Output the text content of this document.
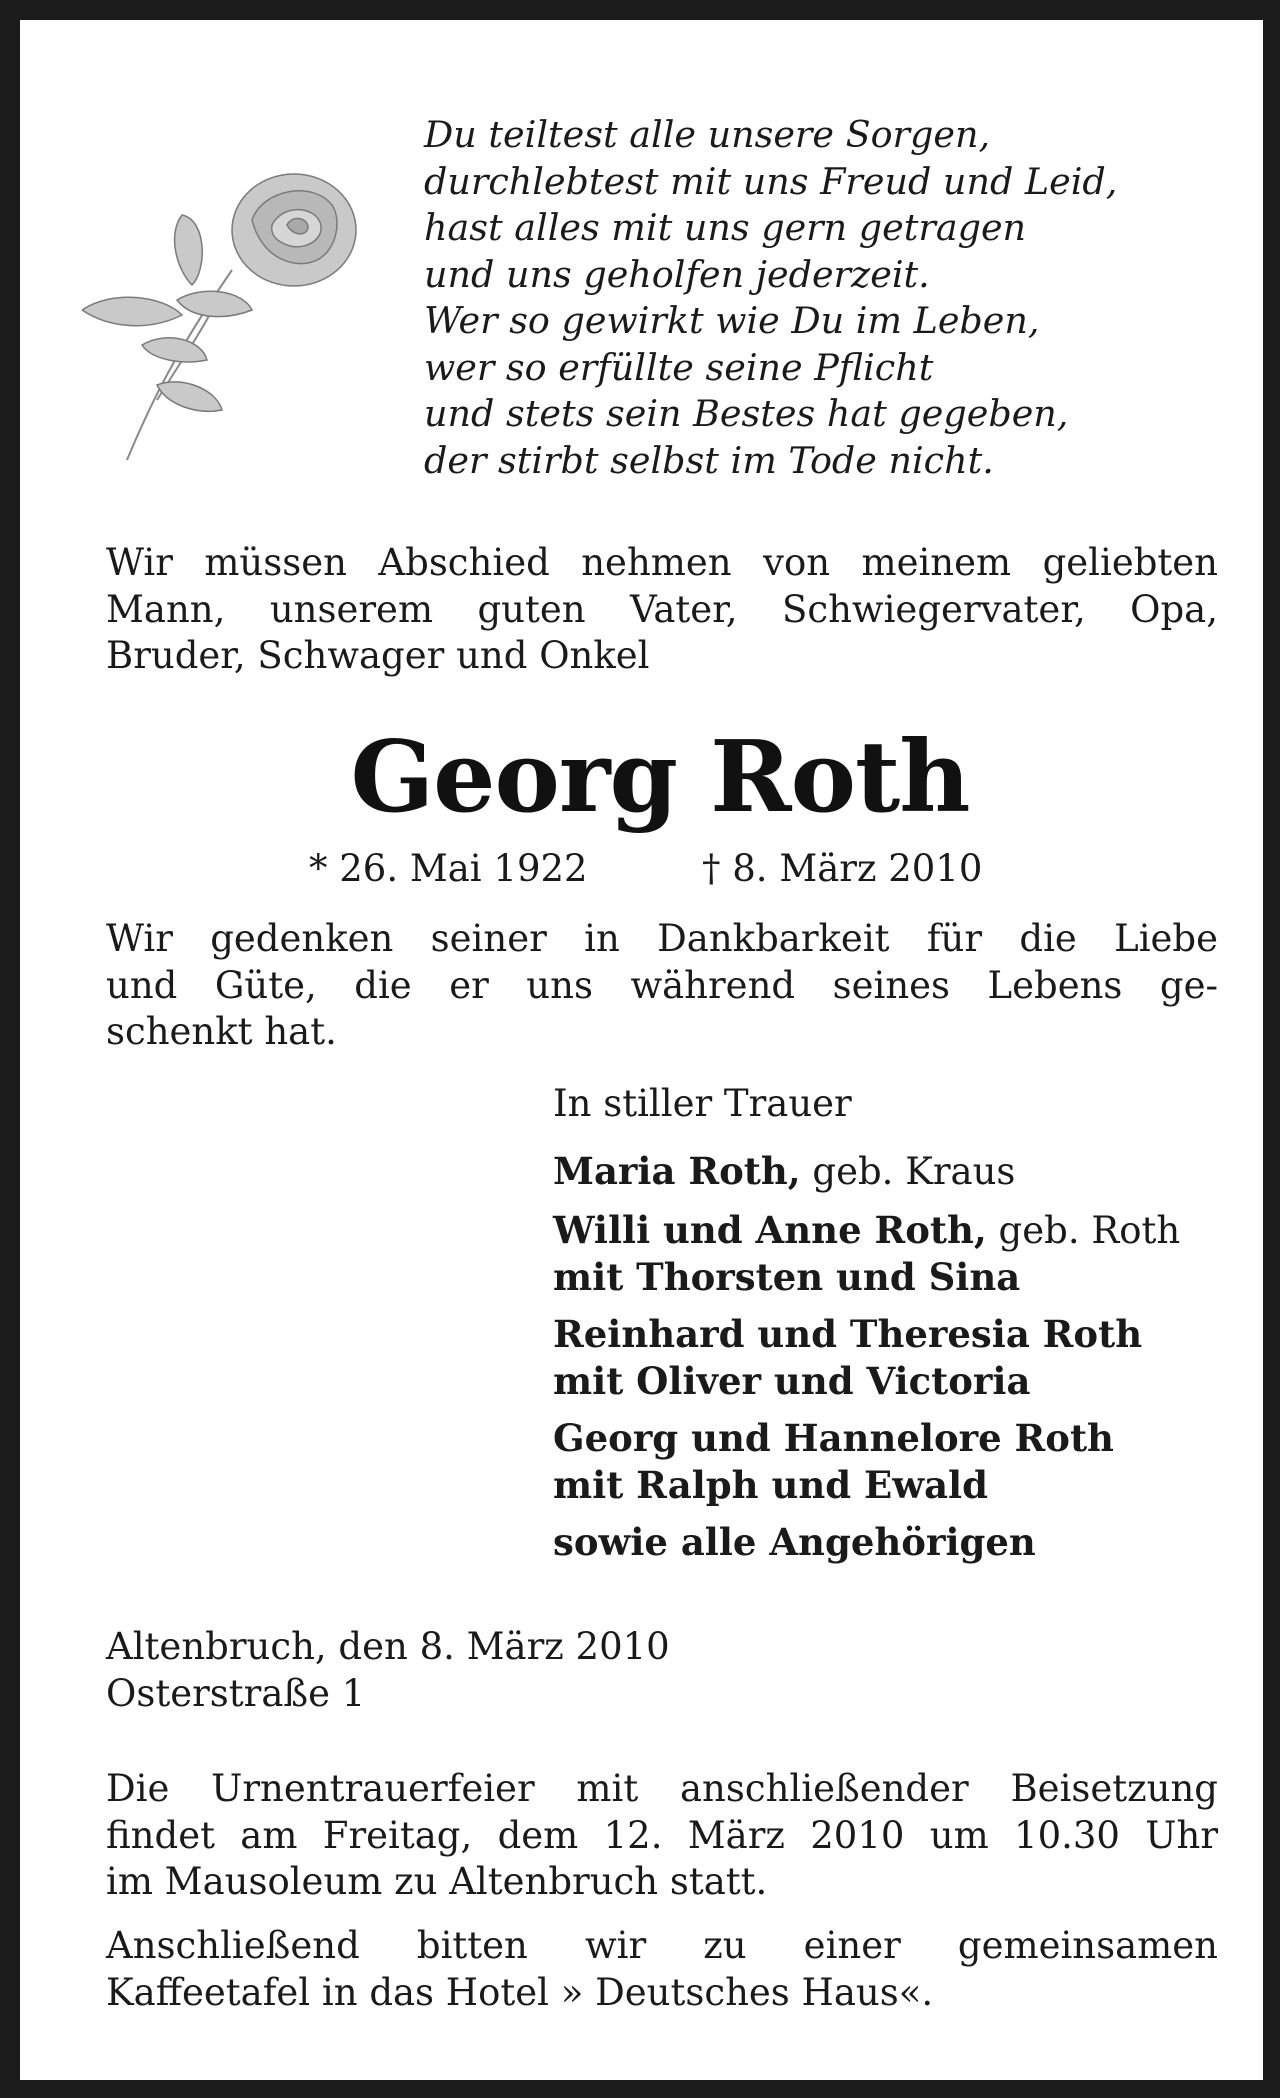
Du teiltest alle unsere Sorgen,
durchlebtest mit uns Freud und Leid,
hast alles mit uns gern getragen
und uns geholfen jederzeit.
Wer so gewirkt wie Du im Leben,
wer so erfüllte seine Pflicht
und stets sein Bestes hat gegeben,
der stirbt selbst im Tode nicht.
Wir müssen Abschied nehmen von meinem geliebten
Mann, unserem guten Vater, Schwiegervater, Opa,
Bruder, Schwager und Onkel
Georg Roth
* 26. Mai 1922	† 8. März 2010
Wir gedenken seiner in Dankbarkeit für die Liebe
und Güte, die er uns während seines Lebens ge-
schenkt hat.
In stiller Trauer
Maria Roth, geb. Kraus
Willi und Anne Roth, geb. Roth
mit Thorsten und Sina
Reinhard und Theresia Roth
mit Oliver und Victoria
Georg und Hannelore Roth
mit Ralph und Ewald
sowie alle Angehörigen
Altenbruch, den 8. März 2010
Osterstraße 1
Die Urnentrauerfeier mit anschließender Beisetzung
findet am Freitag, dem 12. März 2010 um 10.30 Uhr
im Mausoleum zu Altenbruch statt.
Anschließend bitten wir zu einer gemeinsamen
Kaffeetafel in das Hotel » Deutsches Haus«.
